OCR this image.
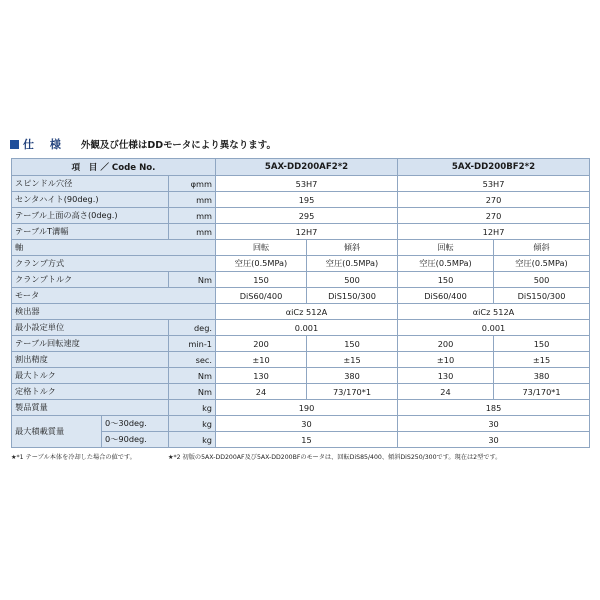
仕 様 外観及び仕様はDDモータにより異なります。
項　目 ／ Code No.			5AX-DD200AF2*2		5AX-DD200BF2*2	
スピンドル穴径		φmm	53H7		53H7	
センタハイト(90deg.)		mm	195		270	
テーブル上面の高さ(0deg.)		mm	295		270	
テーブルT溝幅		mm	12H7		12H7	
軸			回転	傾斜	回転	傾斜
クランプ方式			空圧(0.5MPa)	空圧(0.5MPa)	空圧(0.5MPa)	空圧(0.5MPa)
クランプトルク		Nm	150	500	150	500
モータ			DiS60/400	DiS150/300	DiS60/400	DiS150/300
検出器			αiCz 512A		αiCz 512A	
最小設定単位		deg.	0.001		0.001	
テーブル回転速度		min-1	200	150	200	150
割出精度		sec.	±10	±15	±10	±15
最大トルク		Nm	130	380	130	380
定格トルク		Nm	24	73/170*1	24	73/170*1
製品質量		kg	190		185	
最大積載質量	0〜30deg.	kg	30		30	
	0〜90deg.	kg	15		30	
★*1 テーブル本体を冷却した場合の値です。	★*2 初版の5AX-DD200AF及び5AX-DD200BFのモータは、回転DiS85/400、傾斜DiS250/300です。現在は2型です。
